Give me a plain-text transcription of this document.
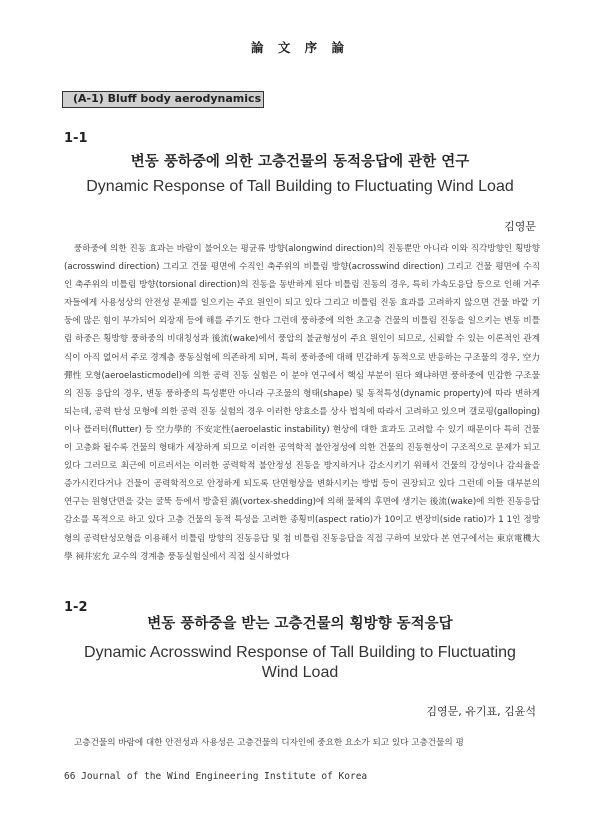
論 文 序 論
(A-1) Bluff body aerodynamics
1-1
변동 풍하중에 의한 고층건물의 동적응답에 관한 연구
Dynamic Response of Tall Building to Fluctuating Wind Load
김영문

풍하중에 의한 진동 효과는 바람이 불어오는 평균류 방향(alongwind direction)의 진동뿐만 아니라 이와 직각방향인 횡방향(acrosswind direction) 그리고 건물 평면에 수직인 축주위의 비틀림 방향(acrosswind direction) 그리고 건물 평면에 수직인 축주위의 비틀림 방향(torsional direction)의 진동을 동반하게 된다 비틀림 진동의 경우, 특히 가속도응답 등으로 인해 거주자들에게 사용성상의 안전성 문제를 일으키는 주요 원인이 되고 있다 그리고 비틀림 진동 효과를 고려하지 않으면 건물 바깥 기둥에 많은 힘이 부가되어 외장재 등에 해를 주기도 한다 그런데 풍하중에 의한 초고층 건물의 비틀림 진동을 일으키는 변동 비틀림 하중은 횡방향 풍하중의 비대칭성과 後流(wake)에서 풍압의 불균형성이 주요 원인이 되므로, 신뢰할 수 있는 이론적인 관계식이 아직 없어서 주로 경계층 풍동실험에 의존하게 되며, 특히 풍하중에 대해 민감하게 동적으로 반응하는 구조물의 경우, 空力彈性 모형(aeroelasticmodel)에 의한 공력 진동 실험은 이 분야 연구에서 핵심 부분이 된다 왜냐하면 풍하중에 민감한 구조물의 진동 응답의 경우, 변동 풍하중의 특성뿐만 아니라 구조물의 형태(shape) 및 동적특성(dynamic property)에 따라 변하게 되는데, 공력 탄성 모형에 의한 공력 진동 실험의 경우 이러한 양효소를 상사 법칙에 따라서 고려하고 있으며 갤로핑(galloping)이나 플러터(flutter) 등 空力學的 不安定性(aeroelastic instability) 현상에 대한 효과도 고려할 수 있기 때문이다 특히 건물이 고층화 될수록 건물의 형태가 세장하게 되므로 이러한 공역학적 불안정성에 의한 건물의 진동현상이 구조적으로 문제가 되고 있다 그러므로 최근에 이르러서는 이러한 공력학적 불안정성 진동을 방지하거나 감소시키기 위해서 건물의 강성이나 감쇠율을 증가시킨다거나 건물이 공력학적으로 안정하게 되도록 단면형상을 변화시키는 방법 등이 권장되고 있다 그런데 이들 대부분의 연구는 원형단면을 갖는 굴뚝 등에서 방출된 渦(vortex-shedding)에 의해 물체의 후면에 생기는 後流(wake)에 의한 진동응답 감소를 목적으로 하고 있다 고층 건물의 동적 특성을 고려한 종횡비(aspect ratio)가 10이고 변장비(side ratio)가 1 1인 정방형의 공력탄성모형을 이용해서 비틀림 방향의 진동응답 및 첨 비틀림 진동응답을 직접 구하여 보았다 본 연구에서는 東京電機大學 祠井宏允 교수의 경계층 풍동실험실에서 직접 실시하였다

1-2
변동 풍하중을 받는 고층건물의 횡방향 동적응답
Dynamic Acrosswind Response of Tall Building to Fluctuating Wind Load
김영문, 유기표, 김윤석

고층건물의 바람에 대한 안전성과 사용성은 고층건물의 디자인에 중요한 요소가 되고 있다 고층건물의 평

66 Journal of the Wind Engineering Institute of Korea
